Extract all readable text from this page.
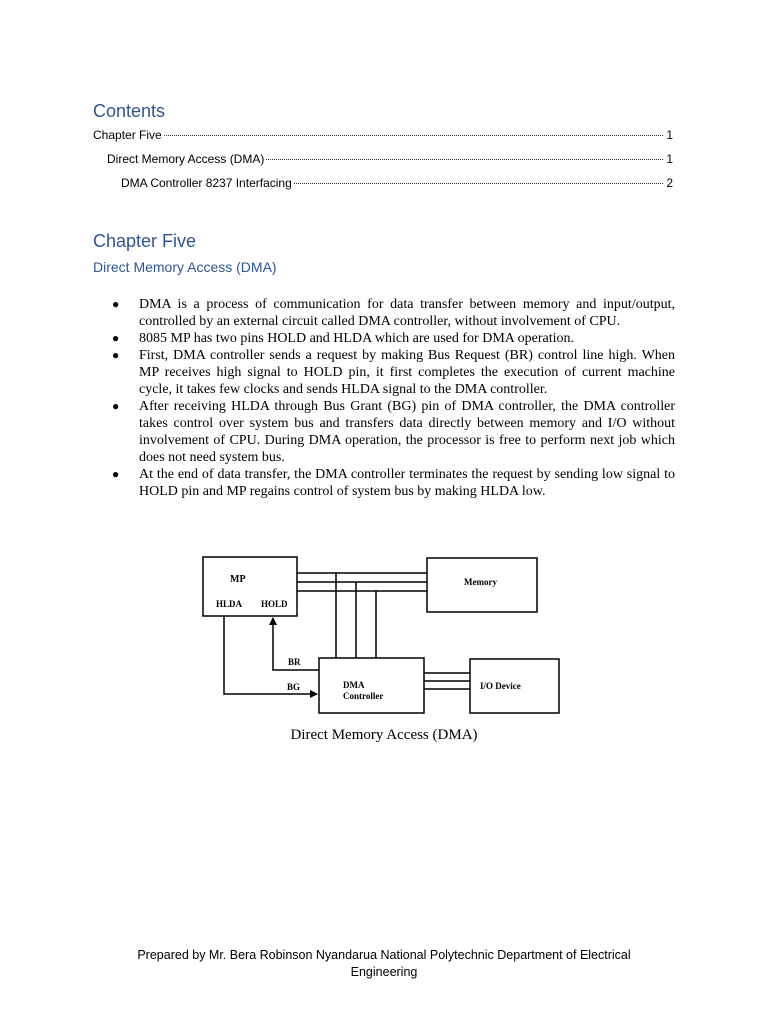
Contents
Chapter Five	1
Direct Memory Access (DMA)	1
DMA Controller 8237 Interfacing	2
Chapter Five
Direct Memory Access (DMA)
● DMA is a process of communication for data transfer between memory and input/output, controlled by an external circuit called DMA controller, without involvement of CPU.
● 8085 MP has two pins HOLD and HLDA which are used for DMA operation.
● First, DMA controller sends a request by making Bus Request (BR) control line high. When MP receives high signal to HOLD pin, it first completes the execution of current machine cycle, it takes few clocks and sends HLDA signal to the DMA controller.
● After receiving HLDA through Bus Grant (BG) pin of DMA controller, the DMA controller takes control over system bus and transfers data directly between memory and I/O without involvement of CPU. During DMA operation, the processor is free to perform next job which does not need system bus.
● At the end of data transfer, the DMA controller terminates the request by sending low signal to HOLD pin and MP regains control of system bus by making HLDA low.
MP
HLDA HOLD
Memory
DMA
Controller
I/O Device
BR
BG

Direct Memory Access (DMA)

Prepared by Mr. Bera Robinson Nyandarua National Polytechnic Department of Electrical
Engineering
